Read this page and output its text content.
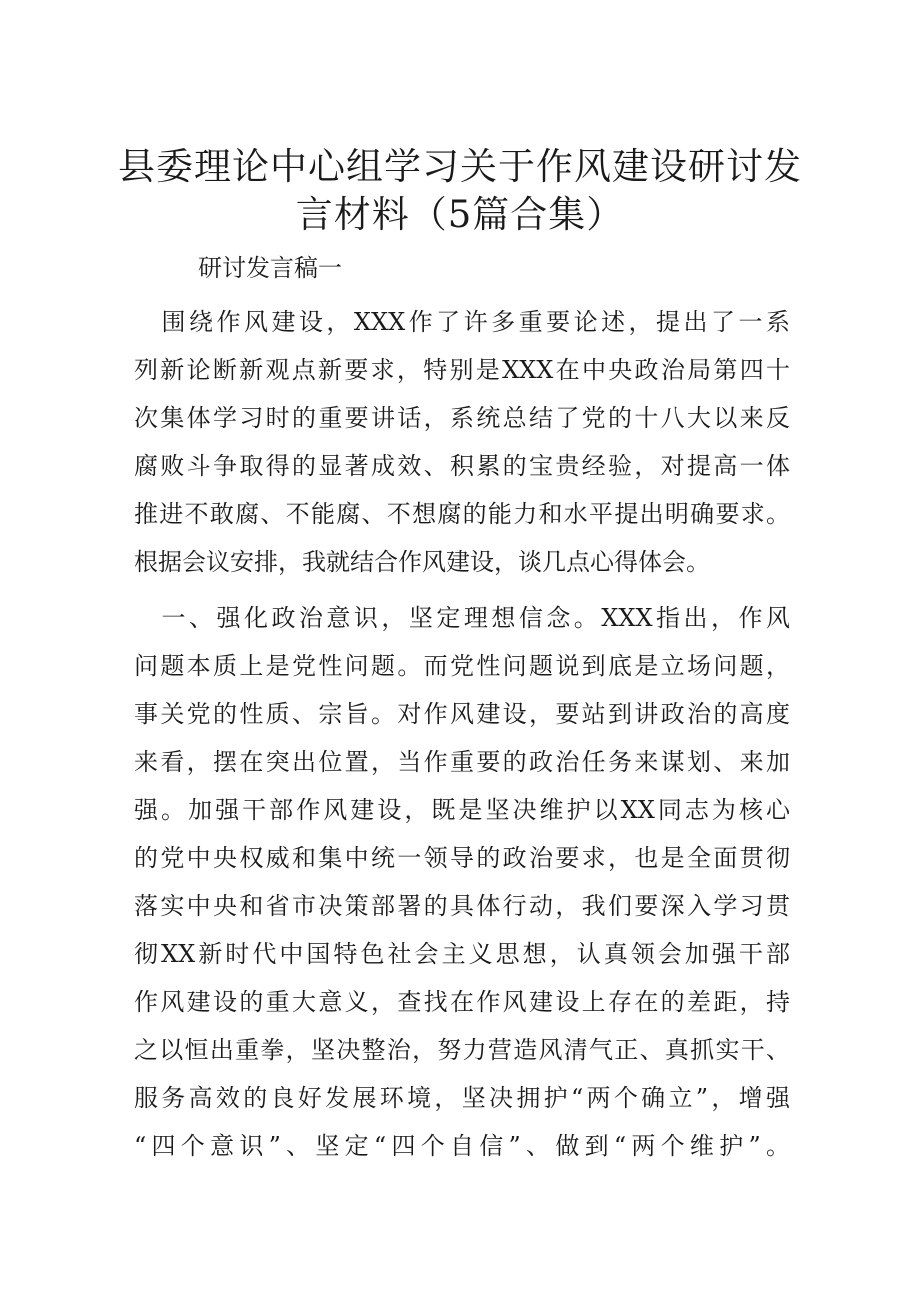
县委理论中心组学习关于作风建设研讨发
言材料（5篇合集）
研讨发言稿一
　围绕作风建设，XXX作了许多重要论述，提出了一系
列新论断新观点新要求，特别是XXX在中央政治局第四十
次集体学习时的重要讲话，系统总结了党的十八大以来反
腐败斗争取得的显著成效、积累的宝贵经验，对提高一体
推进不敢腐、不能腐、不想腐的能力和水平提出明确要求。
根据会议安排，我就结合作风建设，谈几点心得体会。
　一、强化政治意识，坚定理想信念。XXX指出，作风
问题本质上是党性问题。而党性问题说到底是立场问题，
事关党的性质、宗旨。对作风建设，要站到讲政治的高度
来看，摆在突出位置，当作重要的政治任务来谋划、来加
强。加强干部作风建设，既是坚决维护以XX同志为核心
的党中央权威和集中统一领导的政治要求，也是全面贯彻
落实中央和省市决策部署的具体行动，我们要深入学习贯
彻XX新时代中国特色社会主义思想，认真领会加强干部
作风建设的重大意义，查找在作风建设上存在的差距，持
之以恒出重拳，坚决整治，努力营造风清气正、真抓实干、
服务高效的良好发展环境，坚决拥护“两个确立”，增强
“四个意识”、坚定“四个自信”、做到“两个维护”。
